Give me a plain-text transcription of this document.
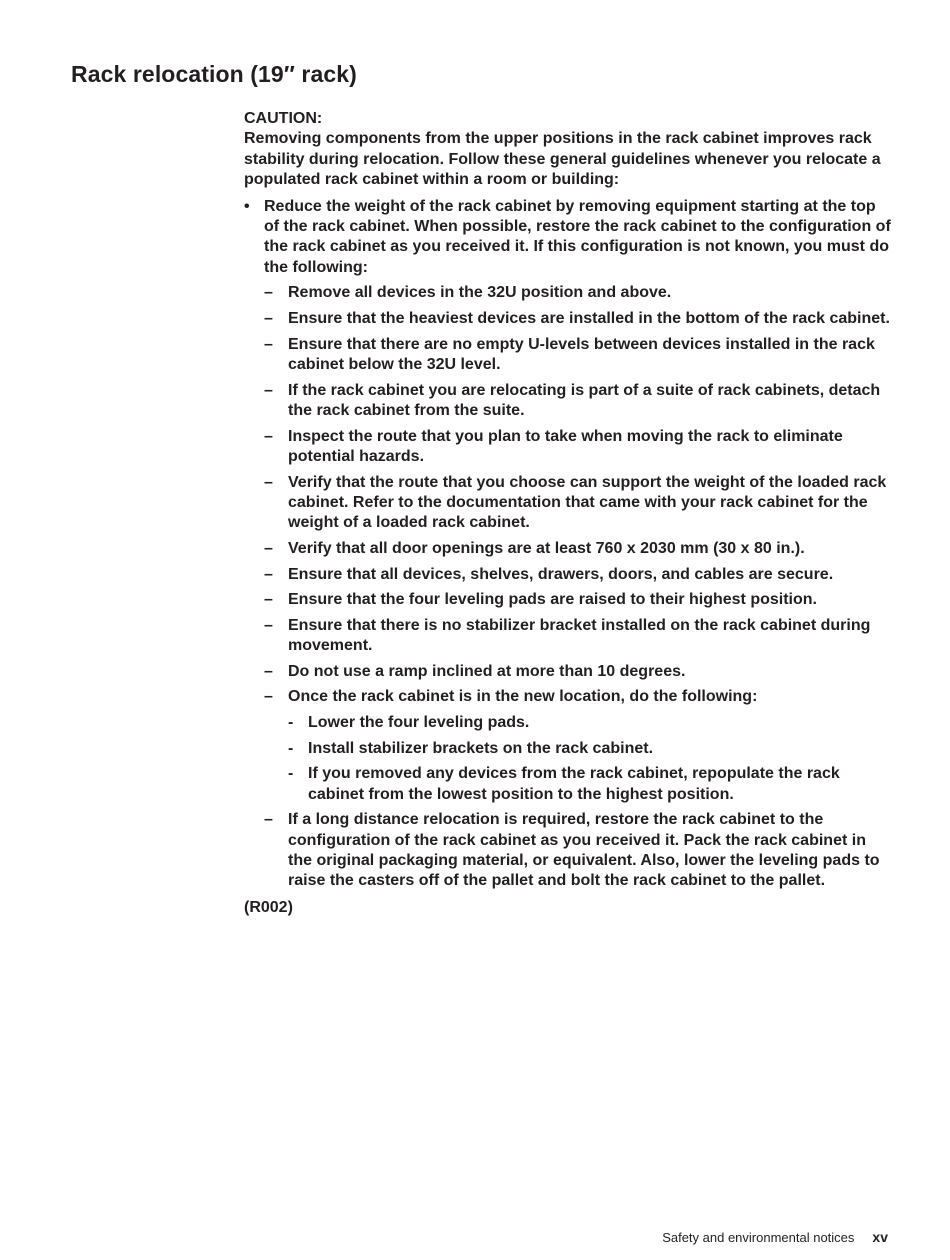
Rack relocation (19″ rack)

CAUTION:

Removing components from the upper positions in the rack cabinet improves rack stability during relocation. Follow these general guidelines whenever you relocate a populated rack cabinet within a room or building:

• Reduce the weight of the rack cabinet by removing equipment starting at the top of the rack cabinet. When possible, restore the rack cabinet to the configuration of the rack cabinet as you received it. If this configuration is not known, you must do the following:
– Remove all devices in the 32U position and above.
– Ensure that the heaviest devices are installed in the bottom of the rack cabinet.
– Ensure that there are no empty U-levels between devices installed in the rack cabinet below the 32U level.
– If the rack cabinet you are relocating is part of a suite of rack cabinets, detach the rack cabinet from the suite.
– Inspect the route that you plan to take when moving the rack to eliminate potential hazards.
– Verify that the route that you choose can support the weight of the loaded rack cabinet. Refer to the documentation that came with your rack cabinet for the weight of a loaded rack cabinet.
– Verify that all door openings are at least 760 x 2030 mm (30 x 80 in.).
– Ensure that all devices, shelves, drawers, doors, and cables are secure.
– Ensure that the four leveling pads are raised to their highest position.
– Ensure that there is no stabilizer bracket installed on the rack cabinet during movement.
– Do not use a ramp inclined at more than 10 degrees.
– Once the rack cabinet is in the new location, do the following:
- Lower the four leveling pads.
- Install stabilizer brackets on the rack cabinet.
- If you removed any devices from the rack cabinet, repopulate the rack cabinet from the lowest position to the highest position.
– If a long distance relocation is required, restore the rack cabinet to the configuration of the rack cabinet as you received it. Pack the rack cabinet in the original packaging material, or equivalent. Also, lower the leveling pads to raise the casters off of the pallet and bolt the rack cabinet to the pallet.

(R002)

Safety and environmental notices xv
